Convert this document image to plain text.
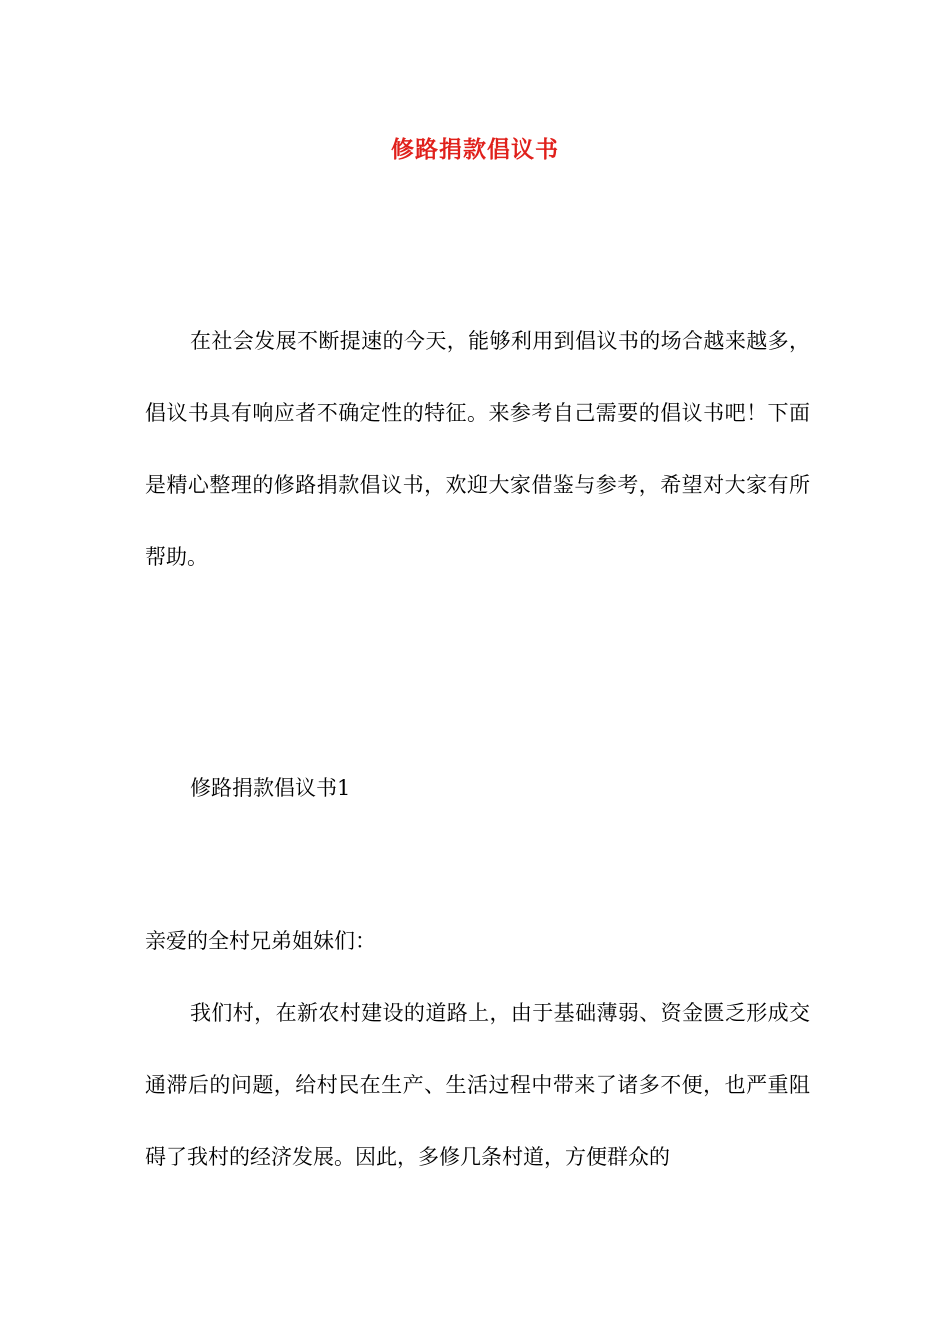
修路捐款倡议书

在社会发展不断提速的今天，能够利用到倡议书的场合越来越多，倡议书具有响应者不确定性的特征。来参考自己需要的倡议书吧！下面是精心整理的修路捐款倡议书，欢迎大家借鉴与参考，希望对大家有所帮助。

修路捐款倡议书1

亲爱的全村兄弟姐妹们：

我们村，在新农村建设的道路上，由于基础薄弱、资金匮乏形成交通滞后的问题，给村民在生产、生活过程中带来了诸多不便，也严重阻碍了我村的经济发展。因此，多修几条村道，方便群众的
